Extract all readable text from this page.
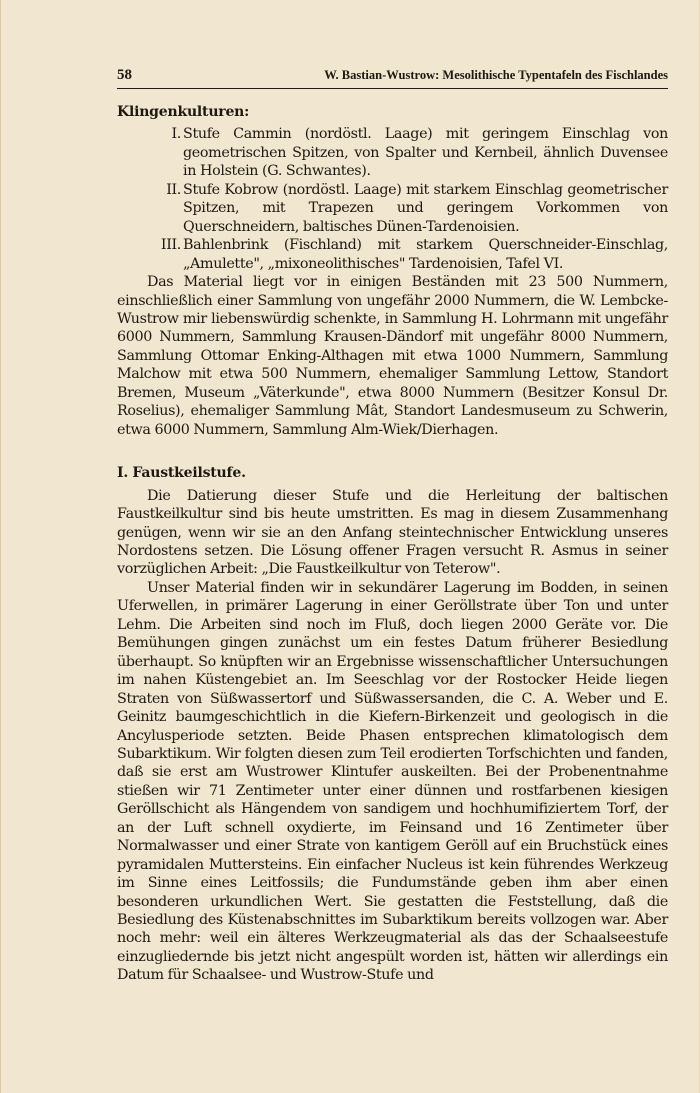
58	W. Bastian-Wustrow: Mesolithische Typentafeln des Fischlandes
Klingenkulturen:
I. Stufe Cammin (nordöstl. Laage) mit geringem Einschlag von geometrischen Spitzen, von Spalter und Kernbeil, ähnlich Duvensee in Holstein (G. Schwantes).
II. Stufe Kobrow (nordöstl. Laage) mit starkem Einschlag geometrischer Spitzen, mit Trapezen und geringem Vorkommen von Querschneidern, baltisches Dünen-Tardenoisien.
III. Bahlenbrink (Fischland) mit starkem Querschneider-Einschlag, „Amulette", „mixoneolithisches" Tardenoisien, Tafel VI.

Das Material liegt vor in einigen Beständen mit 23 500 Nummern, einschließlich einer Sammlung von ungefähr 2000 Nummern, die W. Lembcke-Wustrow mir liebenswürdig schenkte, in Sammlung H. Lohrmann mit ungefähr 6000 Nummern, Sammlung Krausen-Dändorf mit ungefähr 8000 Nummern, Sammlung Ottomar Enking-Althagen mit etwa 1000 Nummern, Sammlung Malchow mit etwa 500 Nummern, ehemaliger Sammlung Lettow, Standort Bremen, Museum „Väterkunde", etwa 8000 Nummern (Besitzer Konsul Dr. Roselius), ehemaliger Sammlung Mât, Standort Landesmuseum zu Schwerin, etwa 6000 Nummern, Sammlung Alm-Wiek/Dierhagen.

I. Faustkeilstufe.

Die Datierung dieser Stufe und die Herleitung der baltischen Faustkeilkultur sind bis heute umstritten. Es mag in diesem Zusammenhang genügen, wenn wir sie an den Anfang steintechnischer Entwicklung unseres Nordostens setzen. Die Lösung offener Fragen versucht R. Asmus in seiner vorzüglichen Arbeit: „Die Faustkeilkultur von Teterow".

Unser Material finden wir in sekundärer Lagerung im Bodden, in seinen Uferwellen, in primärer Lagerung in einer Geröllstrate über Ton und unter Lehm. Die Arbeiten sind noch im Fluß, doch liegen 2000 Geräte vor. Die Bemühungen gingen zunächst um ein festes Datum früherer Besiedlung überhaupt. So knüpften wir an Ergebnisse wissenschaftlicher Untersuchungen im nahen Küstengebiet an. Im Seeschlag vor der Rostocker Heide liegen Straten von Süßwassertorf und Süßwassersanden, die C. A. Weber und E. Geinitz baumgeschichtlich in die Kiefern-Birkenzeit und geologisch in die Ancylusperiode setzten. Beide Phasen entsprechen klimatologisch dem Subarktikum. Wir folgten diesen zum Teil erodierten Torfschichten und fanden, daß sie erst am Wustrower Klintufer auskeilten. Bei der Probenentnahme stießen wir 71 Zentimeter unter einer dünnen und rostfarbenen kiesigen Geröllschicht als Hängendem von sandigem und hochhumifiziertem Torf, der an der Luft schnell oxydierte, im Feinsand und 16 Zentimeter über Normalwasser und einer Strate von kantigem Geröll auf ein Bruchstück eines pyramidalen Muttersteins. Ein einfacher Nucleus ist kein führendes Werkzeug im Sinne eines Leitfossils; die Fundumstände geben ihm aber einen besonderen urkundlichen Wert. Sie gestatten die Feststellung, daß die Besiedlung des Küstenabschnittes im Subarktikum bereits vollzogen war. Aber noch mehr: weil ein älteres Werkzeugmaterial als das der Schaalseestufe einzugliedernde bis jetzt nicht angespült worden ist, hätten wir allerdings ein Datum für Schaalsee- und Wustrow-Stufe und
